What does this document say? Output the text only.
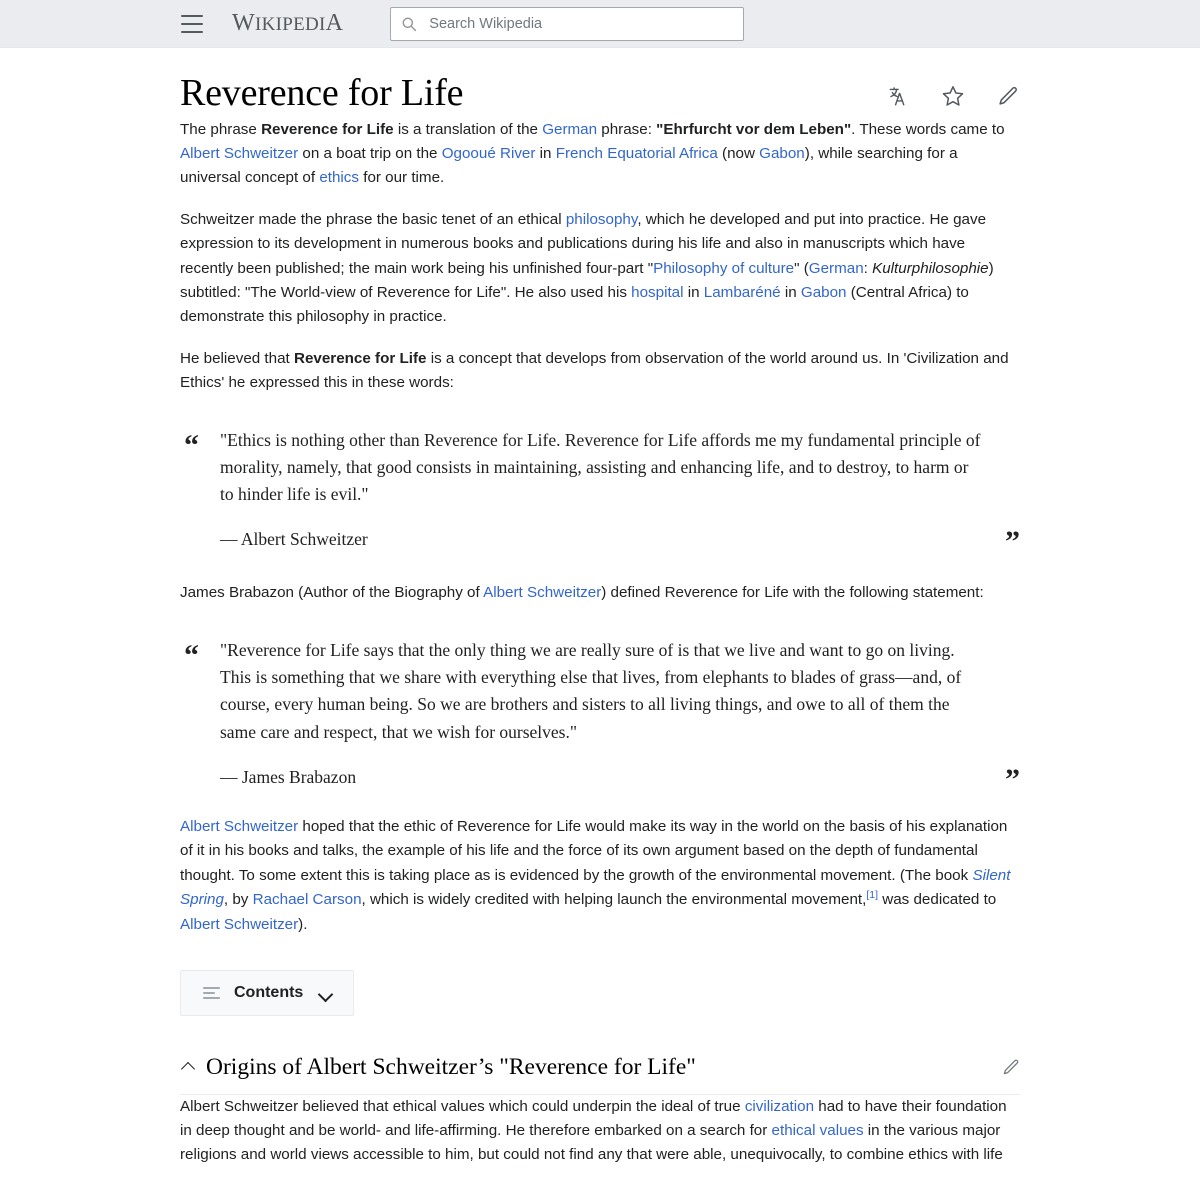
WIKIPEDIA
Search Wikipedia
Reverence for Life

The phrase Reverence for Life is a translation of the German phrase: "Ehrfurcht vor dem Leben". These words came to Albert Schweitzer on a boat trip on the Ogooué River in French Equatorial Africa (now Gabon), while searching for a universal concept of ethics for our time.

Schweitzer made the phrase the basic tenet of an ethical philosophy, which he developed and put into practice. He gave expression to its development in numerous books and publications during his life and also in manuscripts which have recently been published; the main work being his unfinished four-part "Philosophy of culture" (German: Kulturphilosophie) subtitled: "The World-view of Reverence for Life". He also used his hospital in Lambaréné in Gabon (Central Africa) to demonstrate this philosophy in practice.

He believed that Reverence for Life is a concept that develops from observation of the world around us. In 'Civilization and Ethics' he expressed this in these words:

“ "Ethics is nothing other than Reverence for Life. Reverence for Life affords me my fundamental principle of morality, namely, that good consists in maintaining, assisting and enhancing life, and to destroy, to harm or to hinder life is evil."
— Albert Schweitzer	”

James Brabazon (Author of the Biography of Albert Schweitzer) defined Reverence for Life with the following statement:

“ "Reverence for Life says that the only thing we are really sure of is that we live and want to go on living. This is something that we share with everything else that lives, from elephants to blades of grass—and, of course, every human being. So we are brothers and sisters to all living things, and owe to all of them the same care and respect, that we wish for ourselves."
— James Brabazon	”

Albert Schweitzer hoped that the ethic of Reverence for Life would make its way in the world on the basis of his explanation of it in his books and talks, the example of his life and the force of its own argument based on the depth of fundamental thought. To some extent this is taking place as is evidenced by the growth of the environmental movement. (The book Silent Spring, by Rachael Carson, which is widely credited with helping launch the environmental movement,[1] was dedicated to Albert Schweitzer).

Contents
Origins of Albert Schweitzer’s "Reverence for Life"

Albert Schweitzer believed that ethical values which could underpin the ideal of true civilization had to have their foundation in deep thought and be world- and life-affirming. He therefore embarked on a search for ethical values in the various major religions and world views accessible to him, but could not find any that were able, unequivocally, to combine ethics with life
